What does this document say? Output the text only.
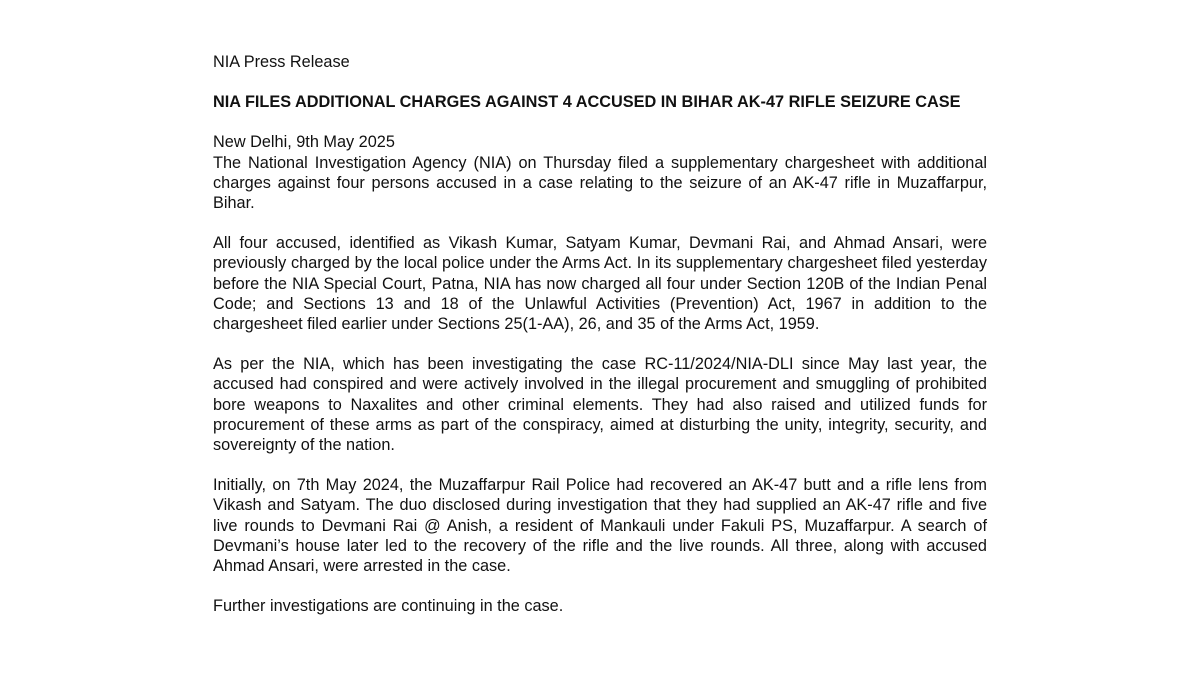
NIA Press Release

NIA FILES ADDITIONAL CHARGES AGAINST 4 ACCUSED IN BIHAR AK-47 RIFLE SEIZURE CASE

New Delhi, 9th May 2025

The National Investigation Agency (NIA) on Thursday filed a supplementary chargesheet with additional charges against four persons accused in a case relating to the seizure of an AK-47 rifle in Muzaffarpur, Bihar.

All four accused, identified as Vikash Kumar, Satyam Kumar, Devmani Rai, and Ahmad Ansari, were previously charged by the local police under the Arms Act. In its supplementary chargesheet filed yesterday before the NIA Special Court, Patna, NIA has now charged all four under Section 120B of the Indian Penal Code; and Sections 13 and 18 of the Unlawful Activities (Prevention) Act, 1967 in addition to the chargesheet filed earlier under Sections 25(1-AA), 26, and 35 of the Arms Act, 1959.

As per the NIA, which has been investigating the case RC-11/2024/NIA-DLI since May last year, the accused had conspired and were actively involved in the illegal procurement and smuggling of prohibited bore weapons to Naxalites and other criminal elements. They had also raised and utilized funds for procurement of these arms as part of the conspiracy, aimed at disturbing the unity, integrity, security, and sovereignty of the nation.

Initially, on 7th May 2024, the Muzaffarpur Rail Police had recovered an AK-47 butt and a rifle lens from Vikash and Satyam. The duo disclosed during investigation that they had supplied an AK-47 rifle and five live rounds to Devmani Rai @ Anish, a resident of Mankauli under Fakuli PS, Muzaffarpur. A search of Devmani’s house later led to the recovery of the rifle and the live rounds. All three, along with accused Ahmad Ansari, were arrested in the case.

Further investigations are continuing in the case.
